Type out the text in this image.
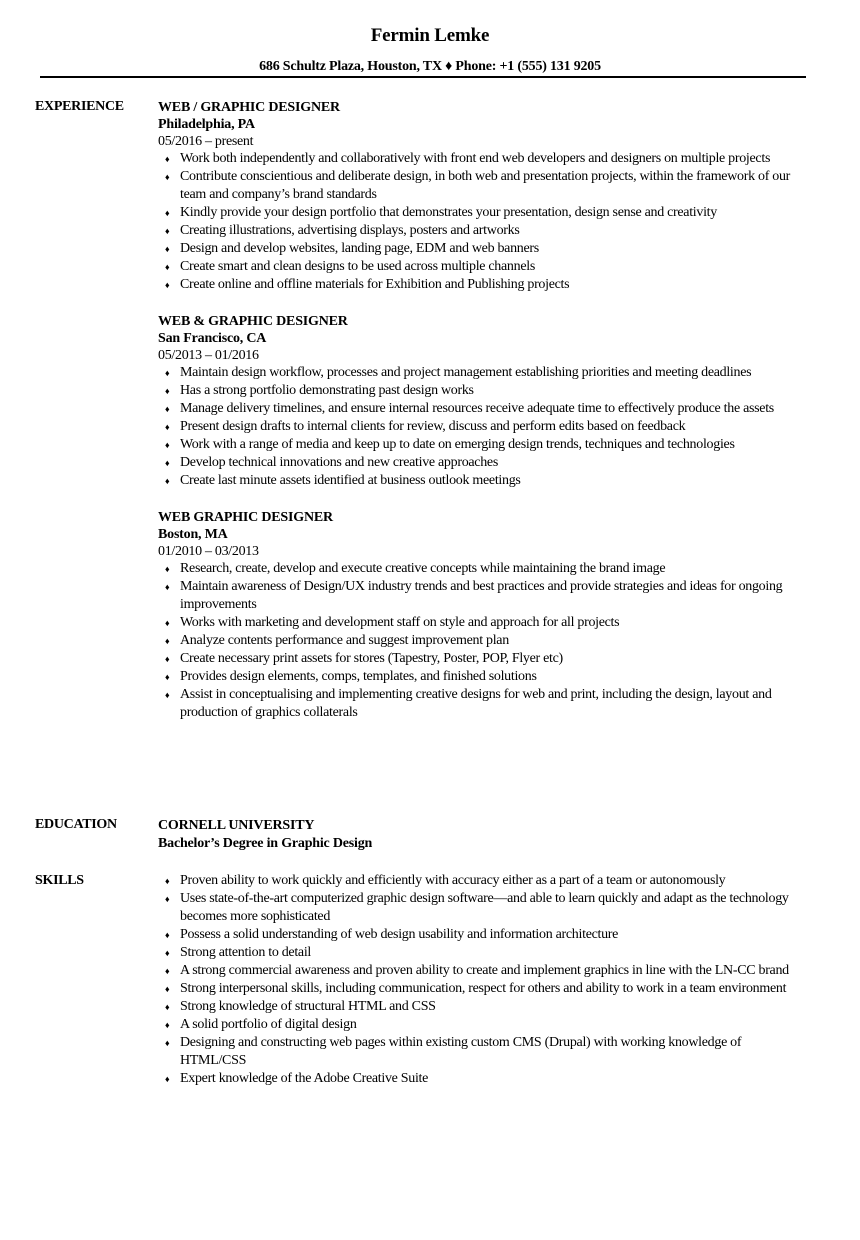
Fermin Lemke
686 Schultz Plaza, Houston, TX ♦ Phone: +1 (555) 131 9205
EXPERIENCE WEB / GRAPHIC DESIGNER
Philadelphia, PA
05/2016 – present
♦ Work both independently and collaboratively with front end web developers and designers on multiple projects
♦ Contribute conscientious and deliberate design, in both web and presentation projects, within the framework of our team and company’s brand standards
♦ Kindly provide your design portfolio that demonstrates your presentation, design sense and creativity
♦ Creating illustrations, advertising displays, posters and artworks
♦ Design and develop websites, landing page, EDM and web banners
♦ Create smart and clean designs to be used across multiple channels
♦ Create online and offline materials for Exhibition and Publishing projects
WEB & GRAPHIC DESIGNER
San Francisco, CA
05/2013 – 01/2016
♦ Maintain design workflow, processes and project management establishing priorities and meeting deadlines
♦ Has a strong portfolio demonstrating past design works
♦ Manage delivery timelines, and ensure internal resources receive adequate time to effectively produce the assets
♦ Present design drafts to internal clients for review, discuss and perform edits based on feedback
♦ Work with a range of media and keep up to date on emerging design trends, techniques and technologies
♦ Develop technical innovations and new creative approaches
♦ Create last minute assets identified at business outlook meetings
WEB GRAPHIC DESIGNER
Boston, MA
01/2010 – 03/2013
♦ Research, create, develop and execute creative concepts while maintaining the brand image
♦ Maintain awareness of Design/UX industry trends and best practices and provide strategies and ideas for ongoing improvements
♦ Works with marketing and development staff on style and approach for all projects
♦ Analyze contents performance and suggest improvement plan
♦ Create necessary print assets for stores (Tapestry, Poster, POP, Flyer etc)
♦ Provides design elements, comps, templates, and finished solutions
♦ Assist in conceptualising and implementing creative designs for web and print, including the design, layout and production of graphics collaterals
EDUCATION	CORNELL UNIVERSITY
Bachelor’s Degree in Graphic Design
SKILLS	♦ Proven ability to work quickly and efficiently with accuracy either as a part of a team or autonomously
♦ Uses state-of-the-art computerized graphic design software—and able to learn quickly and adapt as the technology becomes more sophisticated
♦ Possess a solid understanding of web design usability and information architecture
♦ Strong attention to detail
♦ A strong commercial awareness and proven ability to create and implement graphics in line with the LN-CC brand
♦ Strong interpersonal skills, including communication, respect for others and ability to work in a team environment
♦ Strong knowledge of structural HTML and CSS
♦ A solid portfolio of digital design
♦ Designing and constructing web pages within existing custom CMS (Drupal) with working knowledge of HTML/CSS
♦ Expert knowledge of the Adobe Creative Suite
